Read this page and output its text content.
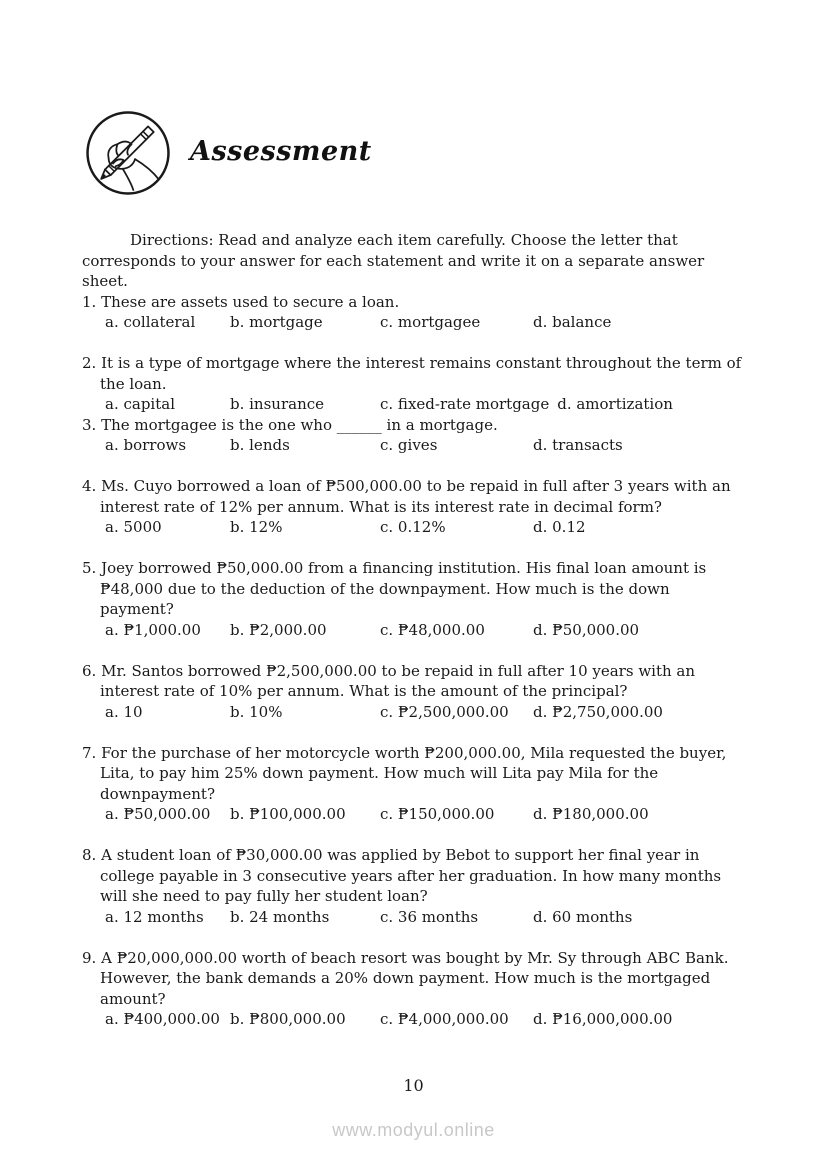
Assessment

Directions: Read and analyze each item carefully. Choose the letter that corresponds to your answer for each statement and write it on a separate answer sheet.

1. These are assets used to secure a loan.

a. collateral	b. mortgage	c. mortgagee	d. balance

2. It is a type of mortgage where the interest remains constant throughout the term of the loan.

a. capital	b. insurance	c. fixed-rate mortgage d. amortization

3. The mortgagee is the one who ______ in a mortgage.

a. borrows	b. lends	c. gives	d. transacts

4. Ms. Cuyo borrowed a loan of ₱500,000.00 to be repaid in full after 3 years with an interest rate of 12% per annum. What is its interest rate in decimal form?

a. 5000	b. 12%	c. 0.12%	d. 0.12

5. Joey borrowed ₱50,000.00 from a financing institution. His final loan amount is ₱48,000 due to the deduction of the downpayment. How much is the down payment?

a. ₱1,000.00	b. ₱2,000.00	c. ₱48,000.00	d. ₱50,000.00

6. Mr. Santos borrowed ₱2,500,000.00 to be repaid in full after 10 years with an interest rate of 10% per annum. What is the amount of the principal?

a. 10	b. 10%	c. ₱2,500,000.00	d. ₱2,750,000.00

7. For the purchase of her motorcycle worth ₱200,000.00, Mila requested the buyer, Lita, to pay him 25% down payment. How much will Lita pay Mila for the downpayment?

a. ₱50,000.00	b. ₱100,000.00	c. ₱150,000.00	d. ₱180,000.00

8. A student loan of ₱30,000.00 was applied by Bebot to support her final year in college payable in 3 consecutive years after her graduation. In how many months will she need to pay fully her student loan?

a. 12 months	b. 24 months	c. 36 months	d. 60 months

9. A ₱20,000,000.00 worth of beach resort was bought by Mr. Sy through ABC Bank. However, the bank demands a 20% down payment. How much is the mortgaged amount?

a. ₱400,000.00 b. ₱800,000.00	c. ₱4,000,000.00	d. ₱16,000,000.00
10
www.modyul.online
